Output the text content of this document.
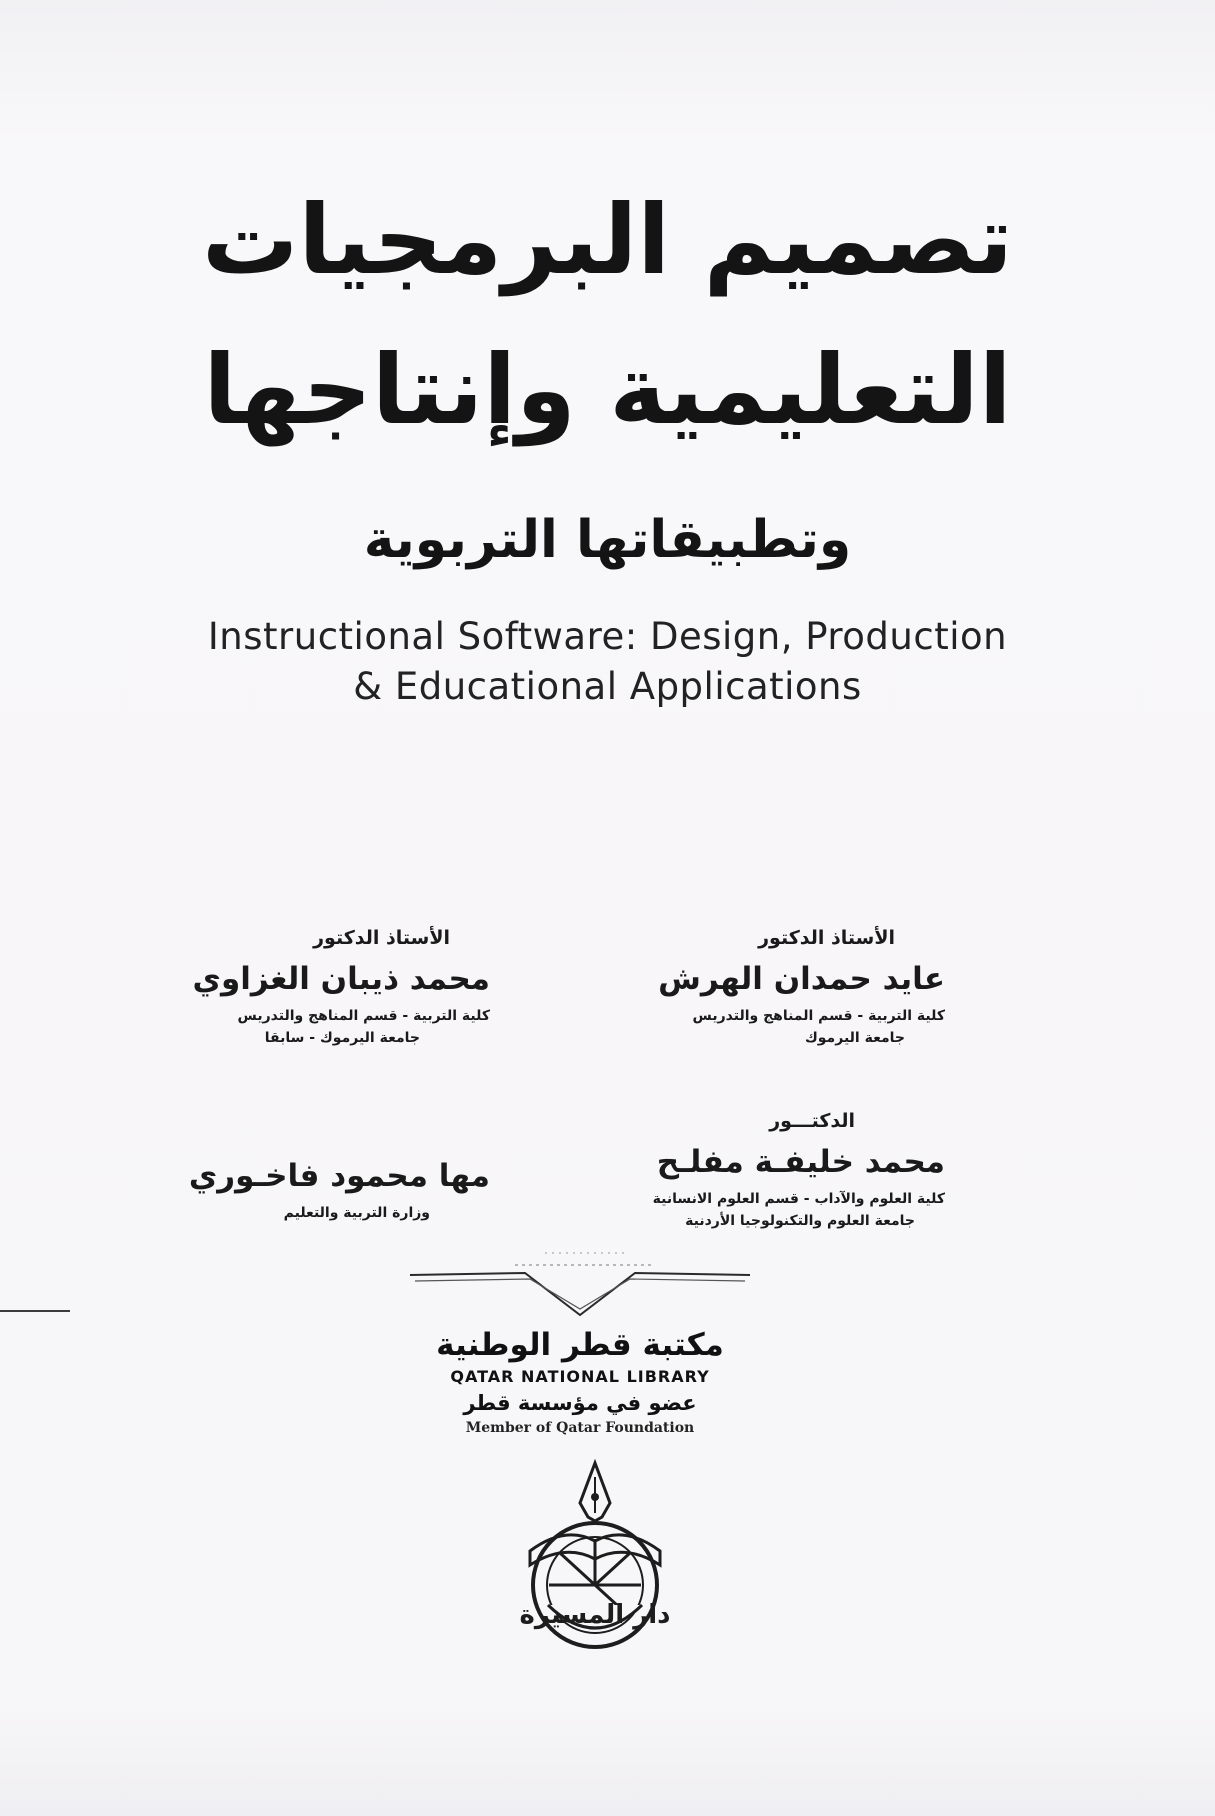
تصميم البرمجيات
التعليمية وإنتاجها
وتطبيقاتها التربوية
Instructional Software: Design, Production
& Educational Applications
الأستاذ الدكتور
عايد حمدان الهرش
كلية التربية - قسم المناهج والتدريس
جامعة اليرموك
الدكتـــور
محمد خليفـة مفلـح
كلية العلوم والآداب - قسم العلوم الانسانية
جامعة العلوم والتكنولوجيا الأردنية
الأستاذ الدكتور
محمد ذيبان الغزاوي
كلية التربية - قسم المناهج والتدريس
جامعة اليرموك - سابقا
مها محمود فاخـوري
وزارة التربية والتعليم
مكتبة قطر الوطنية
QATAR NATIONAL LIBRARY
عضو في مؤسسة قطر
Member of Qatar Foundation
دار المسيرة
